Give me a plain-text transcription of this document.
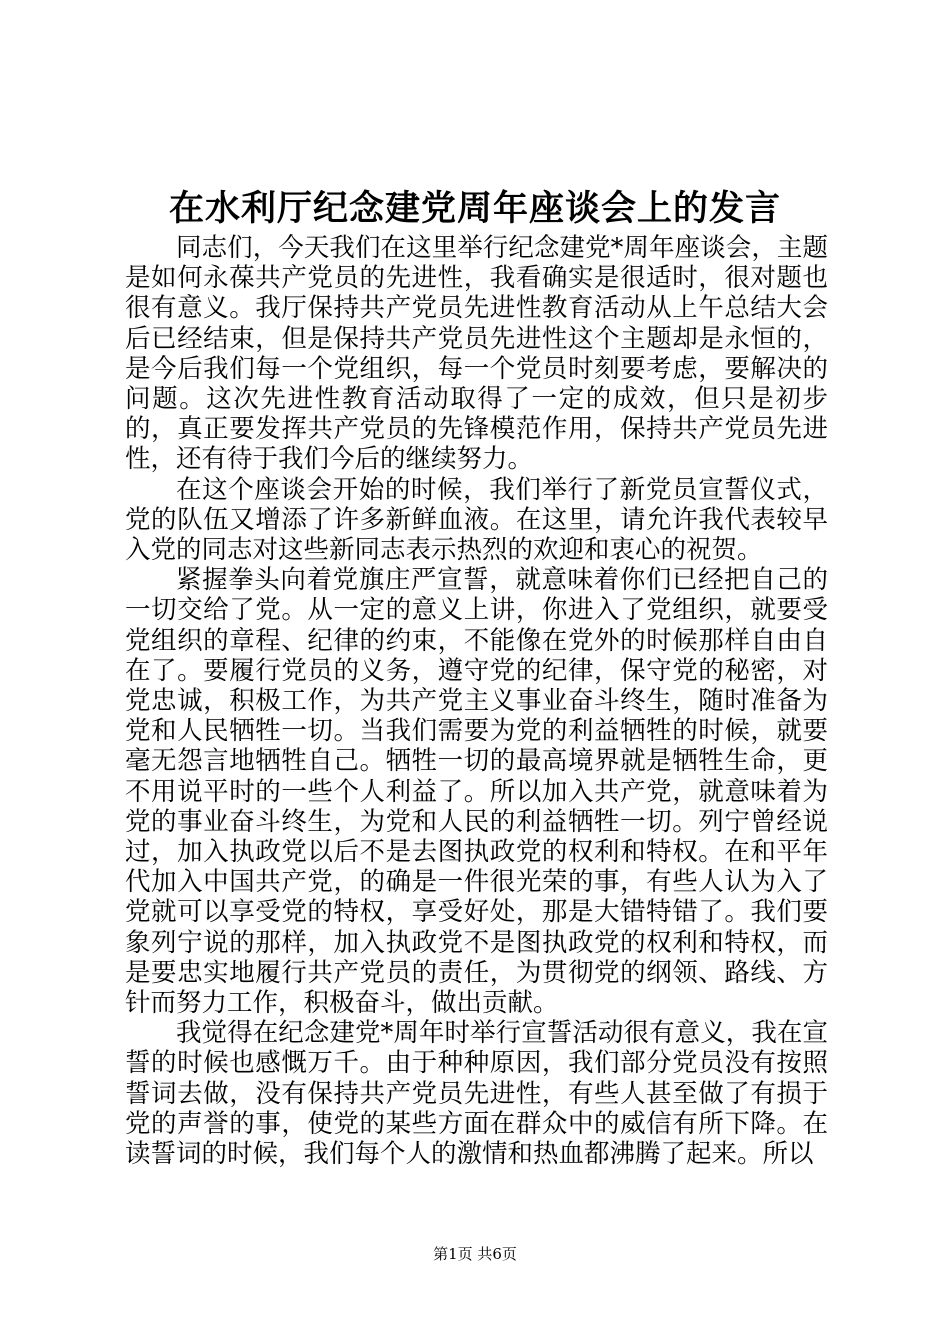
在水利厅纪念建党周年座谈会上的发言

同志们，今天我们在这里举行纪念建党*周年座谈会，主题是如何永葆共产党员的先进性，我看确实是很适时，很对题也很有意义。我厅保持共产党员先进性教育活动从上午总结大会后已经结束，但是保持共产党员先进性这个主题却是永恒的，是今后我们每一个党组织，每一个党员时刻要考虑，要解决的问题。这次先进性教育活动取得了一定的成效，但只是初步的，真正要发挥共产党员的先锋模范作用，保持共产党员先进性，还有待于我们今后的继续努力。

在这个座谈会开始的时候，我们举行了新党员宣誓仪式，党的队伍又增添了许多新鲜血液。在这里，请允许我代表较早入党的同志对这些新同志表示热烈的欢迎和衷心的祝贺。

紧握拳头向着党旗庄严宣誓，就意味着你们已经把自己的一切交给了党。从一定的意义上讲，你进入了党组织，就要受党组织的章程、纪律的约束，不能像在党外的时候那样自由自在了。要履行党员的义务，遵守党的纪律，保守党的秘密，对党忠诚，积极工作，为共产党主义事业奋斗终生，随时准备为党和人民牺牲一切。当我们需要为党的利益牺牲的时候，就要毫无怨言地牺牲自己。牺牲一切的最高境界就是牺牲生命，更不用说平时的一些个人利益了。所以加入共产党，就意味着为党的事业奋斗终生，为党和人民的利益牺牲一切。列宁曾经说过，加入执政党以后不是去图执政党的权利和特权。在和平年代加入中国共产党，的确是一件很光荣的事，有些人认为入了党就可以享受党的特权，享受好处，那是大错特错了。我们要象列宁说的那样，加入执政党不是图执政党的权利和特权，而是要忠实地履行共产党员的责任，为贯彻党的纲领、路线、方针而努力工作，积极奋斗，做出贡献。

我觉得在纪念建党*周年时举行宣誓活动很有意义，我在宣誓的时候也感慨万千。由于种种原因，我们部分党员没有按照誓词去做，没有保持共产党员先进性，有些人甚至做了有损于党的声誉的事，使党的某些方面在群众中的威信有所下降。在读誓词的时候，我们每个人的激情和热血都沸腾了起来。所以

第1页 共6页
